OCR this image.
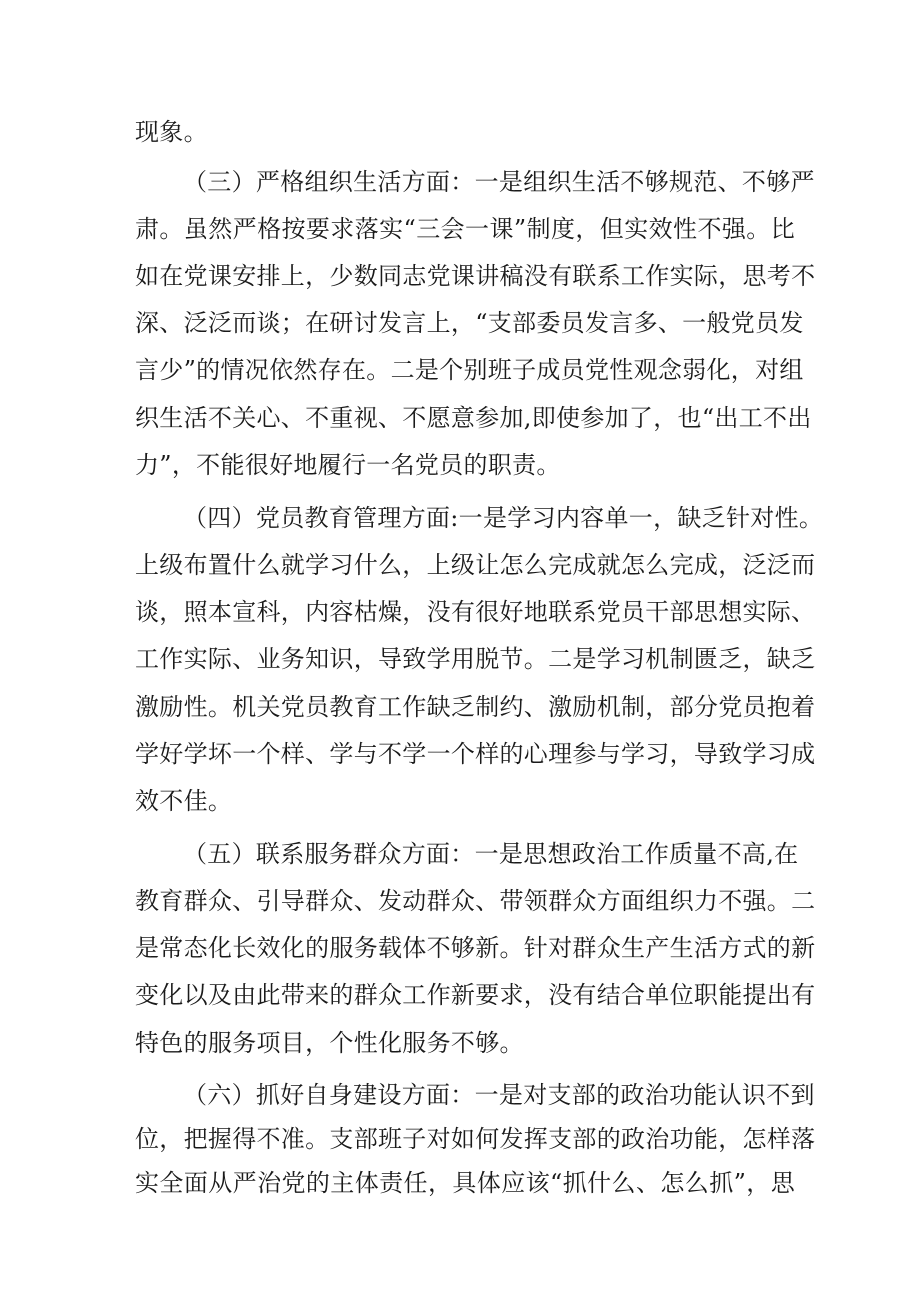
现象。
（三）严格组织生活方面：一是组织生活不够规范、不够严
肃。虽然严格按要求落实“三会一课”制度，但实效性不强。比
如在党课安排上，少数同志党课讲稿没有联系工作实际，思考不
深、泛泛而谈；在研讨发言上，“支部委员发言多、一般党员发
言少”的情况依然存在。二是个别班子成员党性观念弱化，对组
织生活不关心、不重视、不愿意参加,即使参加了，也“出工不出
力”，不能很好地履行一名党员的职责。
（四）党员教育管理方面:一是学习内容单一，缺乏针对性。
上级布置什么就学习什么，上级让怎么完成就怎么完成，泛泛而
谈，照本宣科，内容枯燥，没有很好地联系党员干部思想实际、
工作实际、业务知识，导致学用脱节。二是学习机制匮乏，缺乏
激励性。机关党员教育工作缺乏制约、激励机制，部分党员抱着
学好学坏一个样、学与不学一个样的心理参与学习，导致学习成
效不佳。
（五）联系服务群众方面：一是思想政治工作质量不高,在
教育群众、引导群众、发动群众、带领群众方面组织力不强。二
是常态化长效化的服务载体不够新。针对群众生产生活方式的新
变化以及由此带来的群众工作新要求，没有结合单位职能提出有
特色的服务项目，个性化服务不够。
（六）抓好自身建设方面：一是对支部的政治功能认识不到
位，把握得不准。支部班子对如何发挥支部的政治功能，怎样落
实全面从严治党的主体责任，具体应该“抓什么、怎么抓”，思
